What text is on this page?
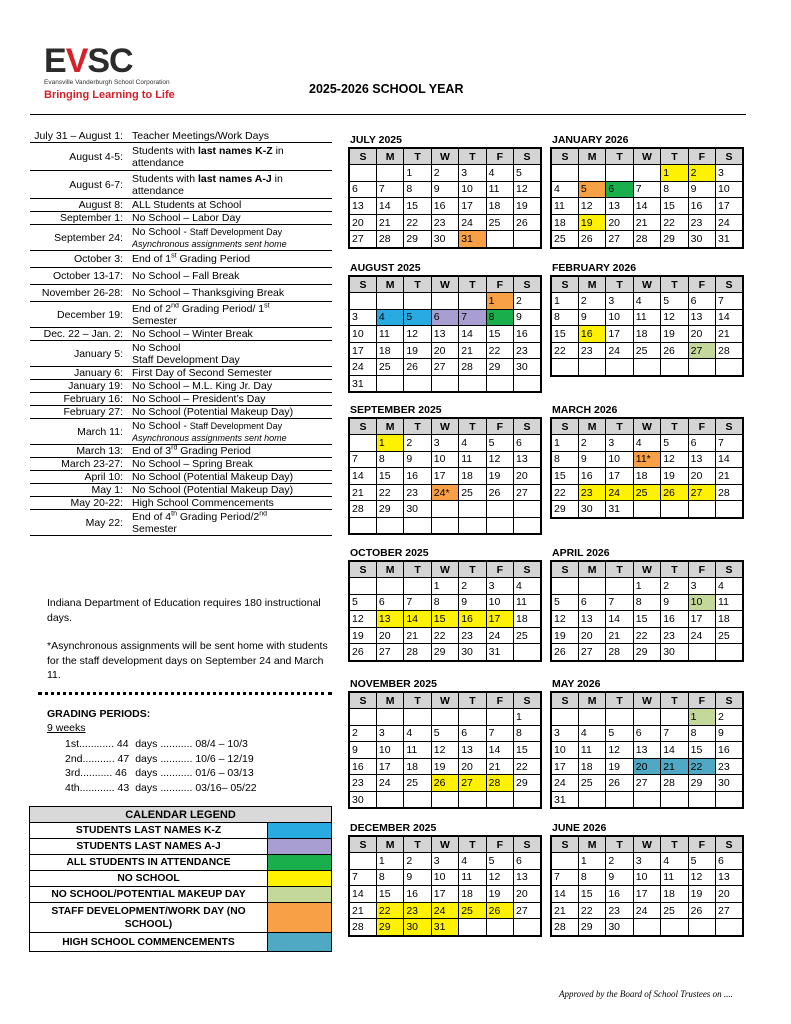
EVSC
Evansville Vanderburgh School Corporation
Bringing Learning to Life	2025-2026 SCHOOL YEAR
July 31 – August 1: Teacher Meetings/Work Days
August 4-5: Students with last names K-Z in
attendance
August 6-7: Students with last names A-J in
attendance
August 8: ALL Students at School
September 1: No School – Labor Day
September 24: No School - Staff Development Day
Asynchronous assignments sent home
October 3: End of 1st Grading Period
October 13-17: No School – Fall Break
November 26-28: No School – Thanksgiving Break
December 19: End of 2nd Grading Period/ 1st
Semester
Dec. 22 – Jan. 2: No School – Winter Break
January 5: No School
Staff Development Day
January 6: First Day of Second Semester
January 19: No School – M.L. King Jr. Day
February 16: No School – President’s Day
February 27: No School (Potential Makeup Day)
March 11: No School - Staff Development Day
Asynchronous assignments sent home
March 13: End of 3rd Grading Period
March 23-27: No School – Spring Break
April 10: No School (Potential Makeup Day)
May 1: No School (Potential Makeup Day)
May 20-22: High School Commencements
May 22: End of 4th Grading Period/2nd
Semester

Indiana Department of Education requires 180 instructional days.

*Asynchronous assignments will be sent home with students for the staff development days on September 24 and March 11.

GRADING PERIODS:
9 weeks
1st............ 44	days ........... 08/4 – 10/3
2nd........... 47	days ........... 10/6 – 12/19
3rd........... 46	days ........... 01/6 – 03/13
4th............ 43	days ........... 03/16– 05/22
CALENDAR LEGEND
STUDENTS LAST NAMES K-Z
STUDENTS LAST NAMES A-J
ALL STUDENTS IN ATTENDANCE
NO SCHOOL
NO SCHOOL/POTENTIAL MAKEUP DAY
STAFF DEVELOPMENT/WORK DAY (NO SCHOOL)
HIGH SCHOOL COMMENCEMENTS
JULY 2025
S	M	T	W	T	F	S
		1	2	3	4	5
6	7	8	9	10	11	12
13	14	15	16	17	18	19
20	21	22	23	24	25	26
27	28	29	30	31		
AUGUST 2025
S	M	T	W	T	F	S
					1	2
3	4	5	6	7	8	9
10	11	12	13	14	15	16
17	18	19	20	21	22	23
24	25	26	27	28	29	30
31						
SEPTEMBER 2025
S	M	T	W	T	F	S
	1	2	3	4	5	6
7	8	9	10	11	12	13
14	15	16	17	18	19	20
21	22	23	24*	25	26	27
28	29	30				

OCTOBER 2025
S	M	T	W	T	F	S
			1	2	3	4
5	6	7	8	9	10	11
12	13	14	15	16	17	18
19	20	21	22	23	24	25
26	27	28	29	30	31	
NOVEMBER 2025
S	M	T	W	T	F	S
						1
2	3	4	5	6	7	8
9	10	11	12	13	14	15
16	17	18	19	20	21	22
23	24	25	26	27	28	29
30						
DECEMBER 2025
S	M	T	W	T	F	S
	1	2	3	4	5	6
7	8	9	10	11	12	13
14	15	16	17	18	19	20
21	22	23	24	25	26	27
28	29	30	31			
JANUARY 2026
S	M	T	W	T	F	S
				1	2	3
4	5	6	7	8	9	10
11	12	13	14	15	16	17
18	19	20	21	22	23	24
25	26	27	28	29	30	31
FEBRUARY 2026
S	M	T	W	T	F	S
1	2	3	4	5	6	7
8	9	10	11	12	13	14
15	16	17	18	19	20	21
22	23	24	25	26	27	28

MARCH 2026
S	M	T	W	T	F	S
1	2	3	4	5	6	7
8	9	10	11*	12	13	14
15	16	17	18	19	20	21
22	23	24	25	26	27	28
29	30	31				
APRIL 2026
S	M	T	W	T	F	S
			1	2	3	4
5	6	7	8	9	10	11
12	13	14	15	16	17	18
19	20	21	22	23	24	25
26	27	28	29	30		
MAY 2026
S	M	T	W	T	F	S
					1	2
3	4	5	6	7	8	9
10	11	12	13	14	15	16
17	18	19	20	21	22	23
24	25	26	27	28	29	30
31						
JUNE 2026
S	M	T	W	T	F	S
	1	2	3	4	5	6
7	8	9	10	11	12	13
14	15	16	17	18	19	20
21	22	23	24	25	26	27
28	29	30				
Approved by the Board of School Trustees on ....
